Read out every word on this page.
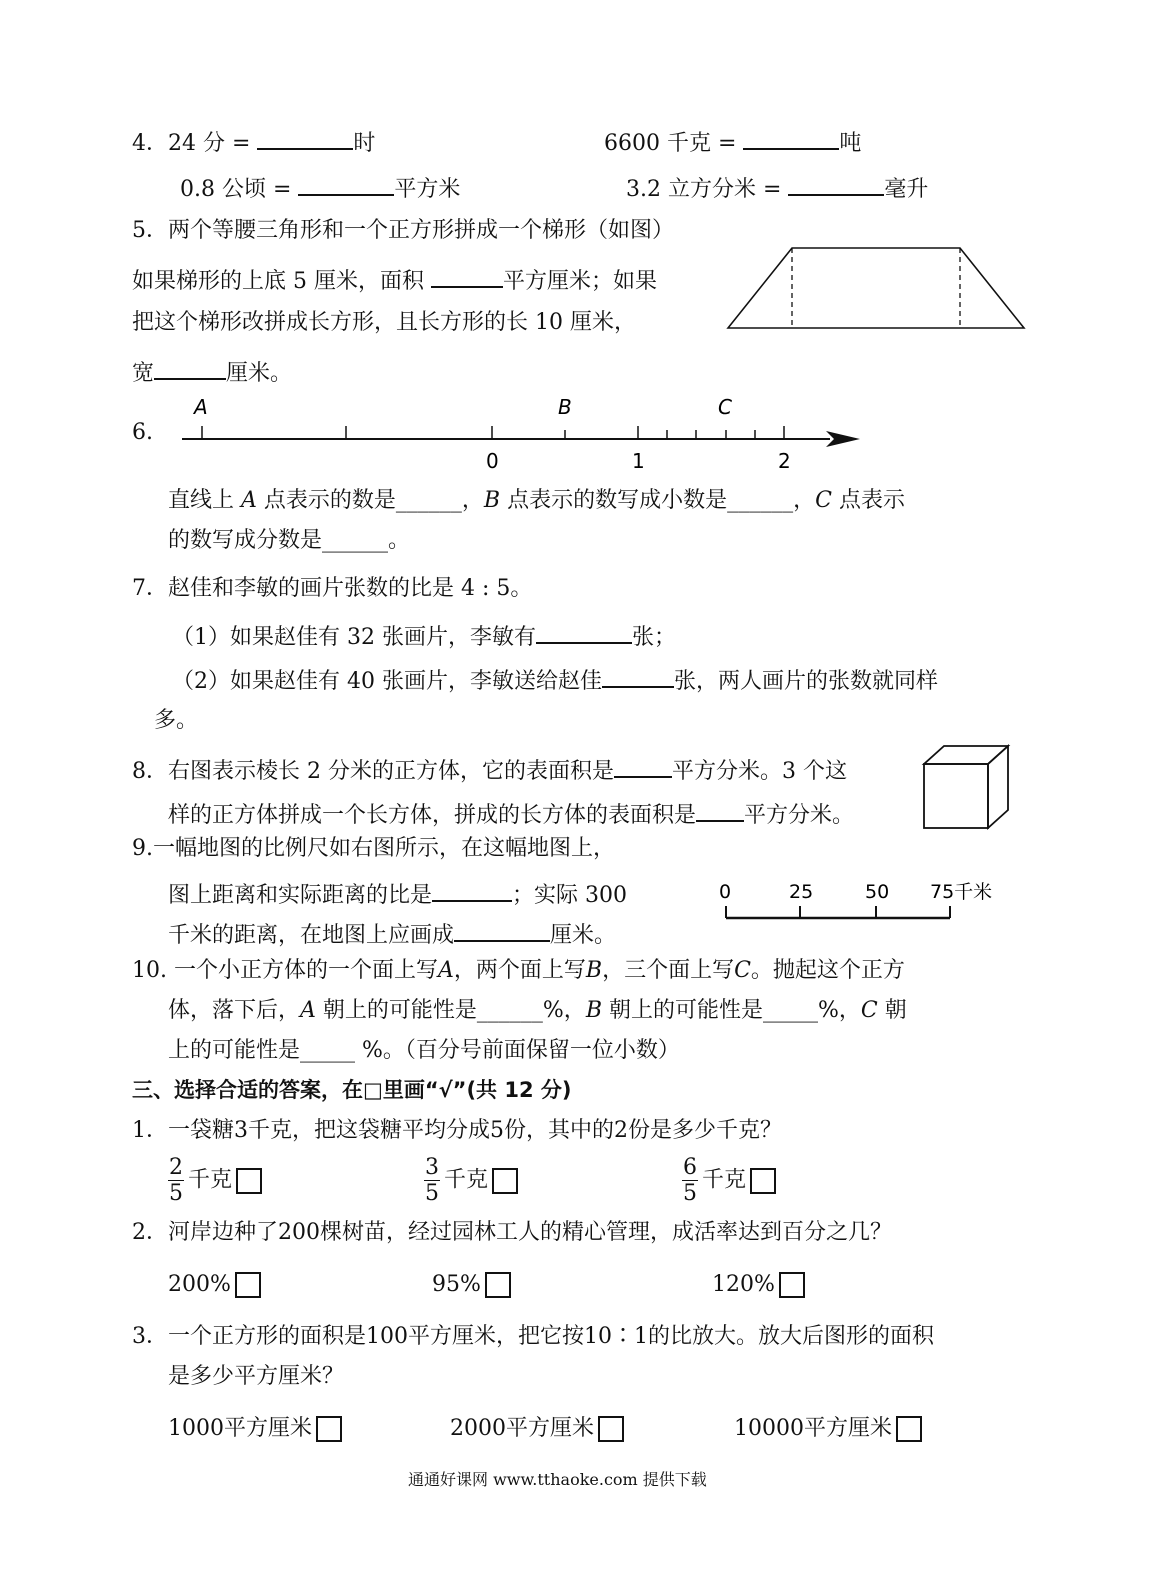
4．24 分 =	时	6600 千克 =	吨
0.8 公顷 =	平方米	3.2 立方分米 =	毫升
5．两个等腰三角形和一个正方形拼成一个梯形（如图）
如果梯形的上底 5 厘米，面积	平方厘米；如果
把这个梯形改拼成长方形，且长方形的长 10 厘米，
宽	厘米。
6.
A	B	C
0	1	2
直线上 A 点表示的数是______，B 点表示的数写成小数是______，C 点表示
的数写成分数是______。
7．赵佳和李敏的画片张数的比是 4 : 5。
（1）如果赵佳有 32 张画片，李敏有	张；
（2）如果赵佳有 40 张画片，李敏送给赵佳	张，两人画片的张数就同样
多。
8．右图表示棱长 2 分米的正方体，它的表面积是	平方分米。3 个这
样的正方体拼成一个长方体，拼成的长方体的表面积是 平方分米。
9.一幅地图的比例尺如右图所示，在这幅地图上，
图上距离和实际距离的比是	；实际 300
千米的距离，在地图上应画成	厘米。
0	25	50 75千米
10. 一个小正方体的一个面上写A，两个面上写B，三个面上写C。抛起这个正方
体，落下后，A 朝上的可能性是______%，B 朝上的可能性是_____%，C 朝
上的可能性是_____ %。（百分号前面保留一位小数）
三、选择合适的答案，在□里画“√”(共 12 分)
1．一袋糖3千克，把这袋糖平均分成5份，其中的2份是多少千克？
$\frac{2}{5}$ 千克	$\frac{3}{5}$ 千克	$\frac{6}{5}$ 千克
2．河岸边种了200棵树苗，经过园林工人的精心管理，成活率达到百分之几？
200%	95%	120%
3．一个正方形的面积是100平方厘米，把它按10∶1的比放大。放大后图形的面积
是多少平方厘米？
1000平方厘米	2000平方厘米	10000平方厘米
通通好课网 www.tthaoke.com 提供下载
